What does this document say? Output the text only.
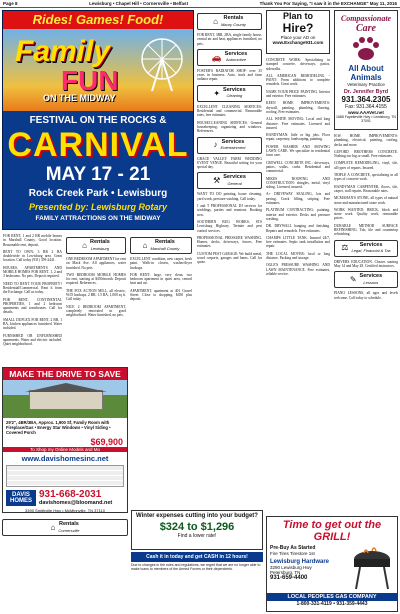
Page 8	Lewisburg • Chapel Hill • Cornersville • Belfast	Thank You For Saying, "I saw it in the EXCHANGE" May 11, 2016
Rides! Games! Food!
Family
FUN
ON THE MIDWAY
FESTIVAL ON THE ROCKS &
CARNIVAL
MAY 17 - 21
Rock Creek Park • Lewisburg
Presented by: Lewisburg Rotary
FAMILY ATTRACTIONS ON THE MIDWAY

FOR RENT, 1 and 2 BR mobile homes in Marshall County. Good location. Reasonable rent, deposit.

RENT TO OWN: 3 BR 2 BA doublewide in Lewisburg area. Great location. Call today (931) 359-2441.

HOUSES, APARTMENTS AND MOBILE HOMES FOR RENT. 1, 2 and 3 bedrooms. No pets. Deposit required.

NEED TO RENT YOUR PROPERTY? Residential/Commercial. Rent it from the Exchange. Call us today.

FOR RENT, CONTINENTAL PROPERTIES, 1 and 2 bedroom apartments and townhouses. Call for details.

SMALL DUPLEX FOR RENT, 2 BR, 1 BA, kitchen appliances furnished. Water included.

FURNISHED OR UNFURNISHED apartments. Water and electric included. Quiet neighborhood.

⌂ Rentals
Lewisburg

ONE BEDROOM APARTMENT for rent on Mack Ave. All appliances, water furnished. No pets.

TWO BEDROOM MOBILE HOMES for rent, starting at $450/month. Deposit required. References.

THE FOX ACTION MILL, all electric, W/D hookups, 2 BR, 1.5 BA, 1,000 sq ft. Call today.

NICE 2 BEDROOM APARTMENT, completely renovated in good neighborhood. Water furnished, no pets.

⌂	Rentals
Marshall County

EXCELLENT condition, new carpet, fresh paint. Walk-in closets, washer/dryer hookups.

FOR RENT: large, very clean, two bedroom apartment in quiet area, central heat and air.

APARTMENT, apartment at 401 Gravel Street. Close to shopping, $450 plus deposit.

MAKE THE DRIVE TO SAVE
29'2", 4BR/3BA, Approx. 1,900 Sf, Family Room with Fireplace/Gas • Energy Star Windows • Vinyl Siding • Covered Porch
$69,900
To Shop my Online Models and Mo
www.davishomesinc.net
DAVIS HOMES
931-668-2031
davishomes@bloomand.net
3390 Smithville Hwy • McMinnville, TN 37110
Winter expenses cutting into your budget?
$324 to $1,296
Find a lower rate!
Cash it in today and get CASH in 12 hours!
Due to changes in the rules and regulations, we regret that we are no longer able to make loans to members of the Armed Forces or their dependents.
⌂	Rentals
Maury County

FOR RENT, 3BR, 2BA, single family house, central air and heat, appliances furnished, no pets.

🚗 Services
Automotive

FOSTER'S RADIATOR SHOP: over 35 years in business. Auto, truck and farm radiator repair.

✦ Services
Cleaning

EXCELLENT CLEANING SERVICES: Residential and commercial. Reasonable rates, free estimates.

HOUSECLEANING SERVICES. General housekeeping, organizing and windows. References.

♪ Services
Entertainment

GRACE VALLEY FARM WEDDING EVENT VENUE. Beautiful setting for your special day.

⚒ Services
General

WANT TO DO painting, house cleaning, yard work, pressure washing. Call today.

J and T PROFESSIONAL DJ services for weddings, parties and reunions. Booking now.

SOUTHERN BUG WORKS, STS Lewisburg Highway. Termite and pest control services.

PROFESSIONAL PRESSURE WASHING. Homes, decks, driveways, fences. Free estimates.

CUSTOM PEST GARAGE: We build metal, wood carports, garages and barns. Call for quote.

Plan to
Hire?
Place your AD on
www.Exchange931.com

CONCRETE WORK: Specializing in stamped concrete, driveways, patios, sidewalks.

ALL AMERICAN REMODELING - PAINT: From additions to complete remodels. Great work.

NAME YOUR PRICE PAINTING. Interior and exterior. Free estimates.

KEEN HOME IMPROVEMENTS: drywall, painting, plumbing, flooring, roofing. Free estimates.

ALL WHITE MOVING: Local and long distance. Free estimates. Licensed and insured.

HANDYMAN: little or big jobs. Floor repair, carpentry, landscaping, painting.

POWER WASHER AND MOWING LAWN CARE. We specialize in residential lawn care.

CROWELL CONCRETE INC.: driveways, patios, walks, curbs. Residential and commercial.

MIKES ROOFING AND CONSTRUCTION: shingles, metal, vinyl siding. Licensed, insured.

A+ DRIVEWAY SEALING, lots and paving. Crack filling, striping. Free estimates.

PLATINUM CONTRACTING: painting, interior and exterior. Decks and pressure washing.

DR. DRYWALL hanging and finishing. Repairs and remodels. Free estimates.

CHAMPS LITTLE TANK. Insured 24/7, free estimates. Septic tank installation and repair.

THE LOCAL MOVER: local or long distance. Packing and storage.

OGLE'S PRESSURE WASHING AND LAWN MAINTENANCE. Free estimates, reliable service.

Compassionate
Care
All About Animals
Veterinary Practice
Dr. Jennifer Byrd
931.364.2305
Fax: 931.364.4155
www.AAAVet.net
1688 Fayetteville Hwy • Lewisburg, TN 37091

H.W. HOME IMPROVEMENTS: plumbing, electrical, painting, roofing, decks and more.

GUFORD BROTHERS CONCRETE. Nothing too big or small. Free estimates.

COMPLETE REMODELING, vinyl, tile, all types of repairs. Insured.

TRIPLE A CONCRETE, specializing in all types of concrete work.

HANDYMAN CARPENTER, floors, tile, carpet, wall repairs. Reasonable rates.

MCMAHAN'S STONE, all types of natural stone and manufactured stone work.

WORK WANTED: BRICK, block and stone work. Quality work, reasonable prices.

DURABLE METHOD SURFACE REFINISHING. Tub, tile and countertop refinishing.

⚖	Services
Legal, Financial & Tax

DRIVERS EDUCATION. Classes starting May 14 and May 28. Certified instructors.

✎ Services
Lessons

PIANO LESSONS, all ages and levels welcome. Call today to schedule.

Time to get out the GRILL!
Pre-Buy As Started
Fire Tires Tirestore 1st
Lewisburg Hardware
3290 Lewisburg Hwy
Petersburg, TN
931-659-4400
LOCAL PEOPLES GAS COMPANY
1-800-331-4119 • 931-359-4443
⌂ Rentals
Cornersville
